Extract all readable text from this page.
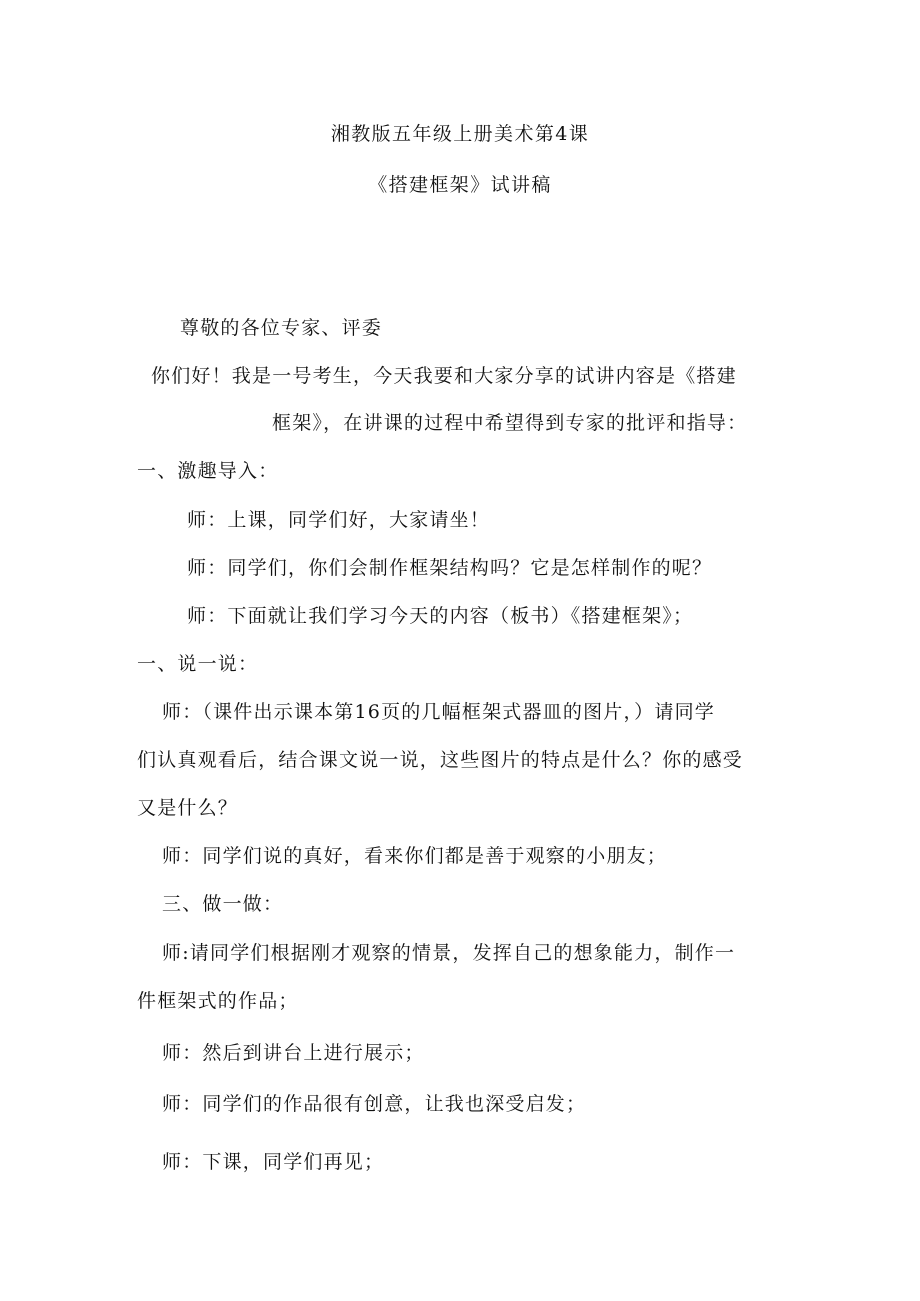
湘教版五年级上册美术第4课
《搭建框架》试讲稿
尊敬的各位专家、评委
你们好！我是一号考生，今天我要和大家分享的试讲内容是《搭建
框架》，在讲课的过程中希望得到专家的批评和指导：
一、激趣导入：
师：上课，同学们好，大家请坐！
师：同学们，你们会制作框架结构吗？它是怎样制作的呢？
师：下面就让我们学习今天的内容（板书）《搭建框架》；
一、说一说：
师：（课件出示课本第16页的几幅框架式器皿的图片，）请同学
们认真观看后，结合课文说一说，这些图片的特点是什么？你的感受
又是什么？
师：同学们说的真好，看来你们都是善于观察的小朋友；
三、做一做：
师:请同学们根据刚才观察的情景，发挥自己的想象能力，制作一
件框架式的作品；
师：然后到讲台上进行展示；
师：同学们的作品很有创意，让我也深受启发；
师：下课，同学们再见；
